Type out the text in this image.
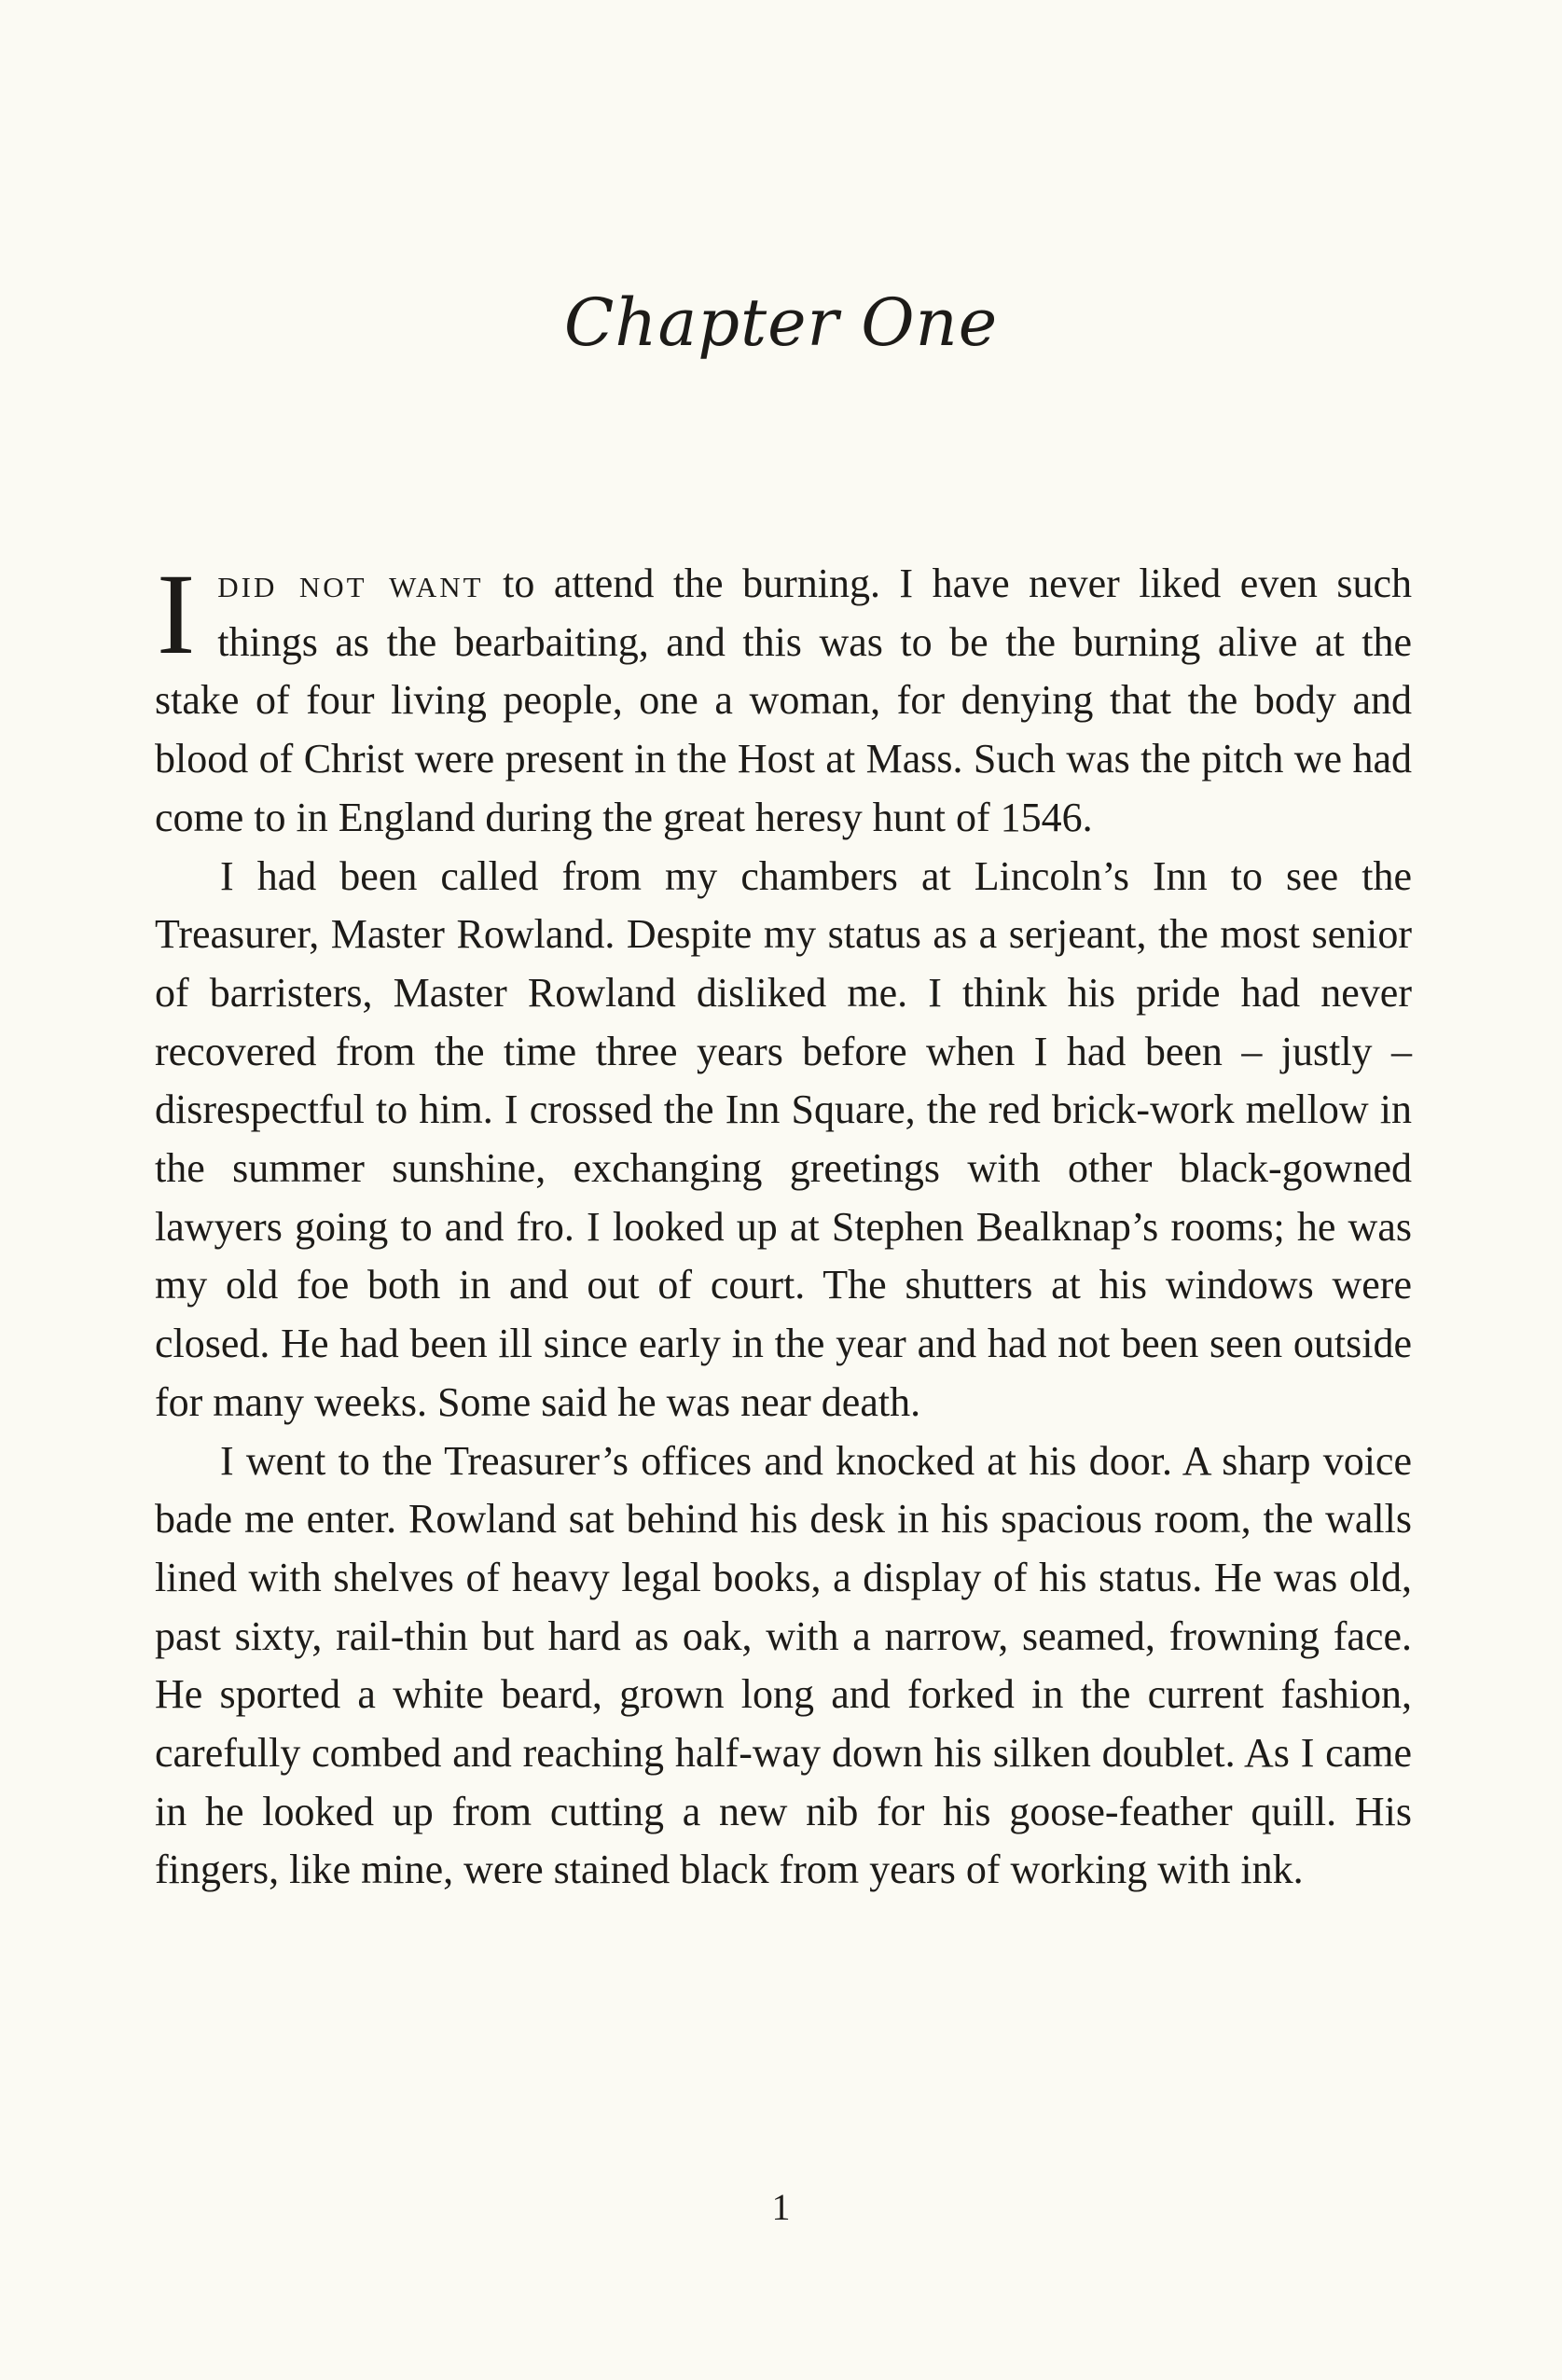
Chapter One

Idid not want to attend the burning. I have never liked even such things as the bearbaiting, and this was to be the burning alive at the stake of four living people, one a woman, for denying that the body and blood of Christ were present in the Host at Mass. Such was the pitch we had come to in England during the great heresy hunt of 1546.

I had been called from my chambers at Lincoln’s Inn to see the Treasurer, Master Rowland. Despite my status as a serjeant, the most senior of barristers, Master Rowland disliked me. I think his pride had never recovered from the time three years before when I had been – justly – disrespectful to him. I crossed the Inn Square, the red brick-work mellow in the summer sunshine, exchanging greetings with other black-gowned lawyers going to and fro. I looked up at Stephen Bealknap’s rooms; he was my old foe both in and out of court. The shutters at his windows were closed. He had been ill since early in the year and had not been seen outside for many weeks. Some said he was near death.

I went to the Treasurer’s offices and knocked at his door. A sharp voice bade me enter. Rowland sat behind his desk in his spacious room, the walls lined with shelves of heavy legal books, a display of his status. He was old, past sixty, rail-thin but hard as oak, with a narrow, seamed, frowning face. He sported a white beard, grown long and forked in the current fashion, carefully combed and reaching half-way down his silken doublet. As I came in he looked up from cutting a new nib for his goose-feather quill. His fingers, like mine, were stained black from years of working with ink.

1
